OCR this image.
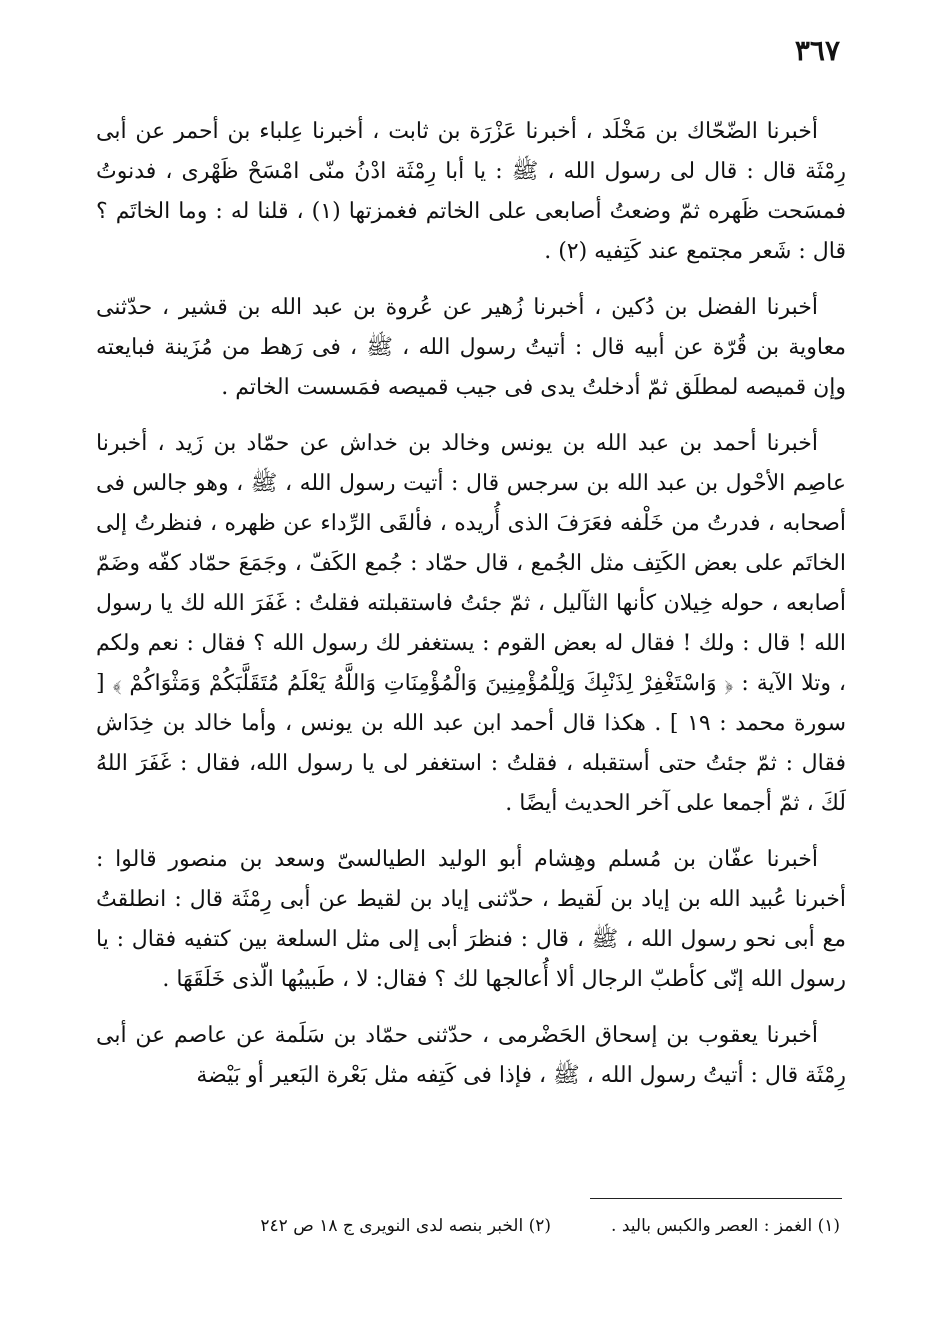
٣٦٧

أخبرنا الضّحّاك بن مَخْلَد ، أخبرنا عَزْرَة بن ثابت ، أخبرنا عِلباء بن أحمر عن أبى رِمْثَة قال : قال لى رسول الله ، ﷺ : يا أبا رِمْثَة ادْنُ منّى امْسَحْ ظَهْرى ، فدنوتُ فمسَحت ظَهره ثمّ وضعتُ أصابعى على الخاتم فغمزتها (١) ، قلنا له : وما الخاتَم ؟ قال : شَعر مجتمع عند كَتِفيه (٢) .

أخبرنا الفضل بن دُكين ، أخبرنا زُهير عن عُروة بن عبد الله بن قشير ، حدّثنى معاوية بن قُرّة عن أبيه قال : أتيتُ رسول الله ، ﷺ ، فى رَهط من مُزَينة فبايعته وإن قميصه لمطلَق ثمّ أدخلتُ يدى فى جيب قميصه فمَسست الخاتم .

أخبرنا أحمد بن عبد الله بن يونس وخالد بن خداش عن حمّاد بن زَيد ، أخبرنا عاصِم الأحْول بن عبد الله بن سرجس قال : أتيت رسول الله ، ﷺ ، وهو جالس فى أصحابه ، فدرتُ من خَلْفه فعَرَفَ الذى أُريده ، فألقَى الرِّداء عن ظهره ، فنظرتُ إلى الخاتَم على بعض الكَتِف مثل الجُمع ، قال حمّاد : جُمع الكَفّ ، وجَمَعَ حمّاد كفّه وضَمّ أصابعه ، حوله خِيلان كأنها الثآليل ، ثمّ جئتُ فاستقبلته فقلتُ : غَفَرَ الله لك يا رسول الله ! قال : ولك ! فقال له بعض القوم : يستغفر لك رسول الله ؟ فقال : نعم ولكم ، وتلا الآية : ﴿ وَاسْتَغْفِرْ لِذَنْبِكَ وَلِلْمُؤْمِنِينَ وَالْمُؤْمِنَاتِ وَاللَّهُ يَعْلَمُ مُتَقَلَّبَكُمْ وَمَثْوَاكُمْ ﴾ [ سورة محمد : ١٩ ] . هكذا قال أحمد ابن عبد الله بن يونس ، وأما خالد بن خِدَاش فقال : ثمّ جئتُ حتى أستقبله ، فقلتُ : استغفر لى يا رسول الله، فقال : غَفَرَ اللهُ لَكَ ، ثمّ أجمعا على آخر الحديث أيضًا .

أخبرنا عفّان بن مُسلم وهِشام أبو الوليد الطيالسىّ وسعد بن منصور قالوا : أخبرنا عُبيد الله بن إياد بن لَقيط ، حدّثنى إياد بن لقيط عن أبى رِمْثَة قال : انطلقتُ مع أبى نحو رسول الله ، ﷺ ، قال : فنظرَ أبى إلى مثل السلعة بين كتفيه فقال : يا رسول الله إنّى كأطبّ الرجال ألا أُعالجها لك ؟ فقال: لا ، طَبيبُها الّذى خَلَقَهَا .

أخبرنا يعقوب بن إسحاق الحَضْرمى ، حدّثنى حمّاد بن سَلَمة عن عاصم عن أبى رِمْثَة قال : أتيتُ رسول الله ، ﷺ ، فإذا فى كَتِفه مثل بَعْرة البَعير أو بَيْضة

(١) الغمز : العصر والكبس باليد .
(٢) الخبر بنصه لدى النويرى ج ١٨ ص ٢٤٢
